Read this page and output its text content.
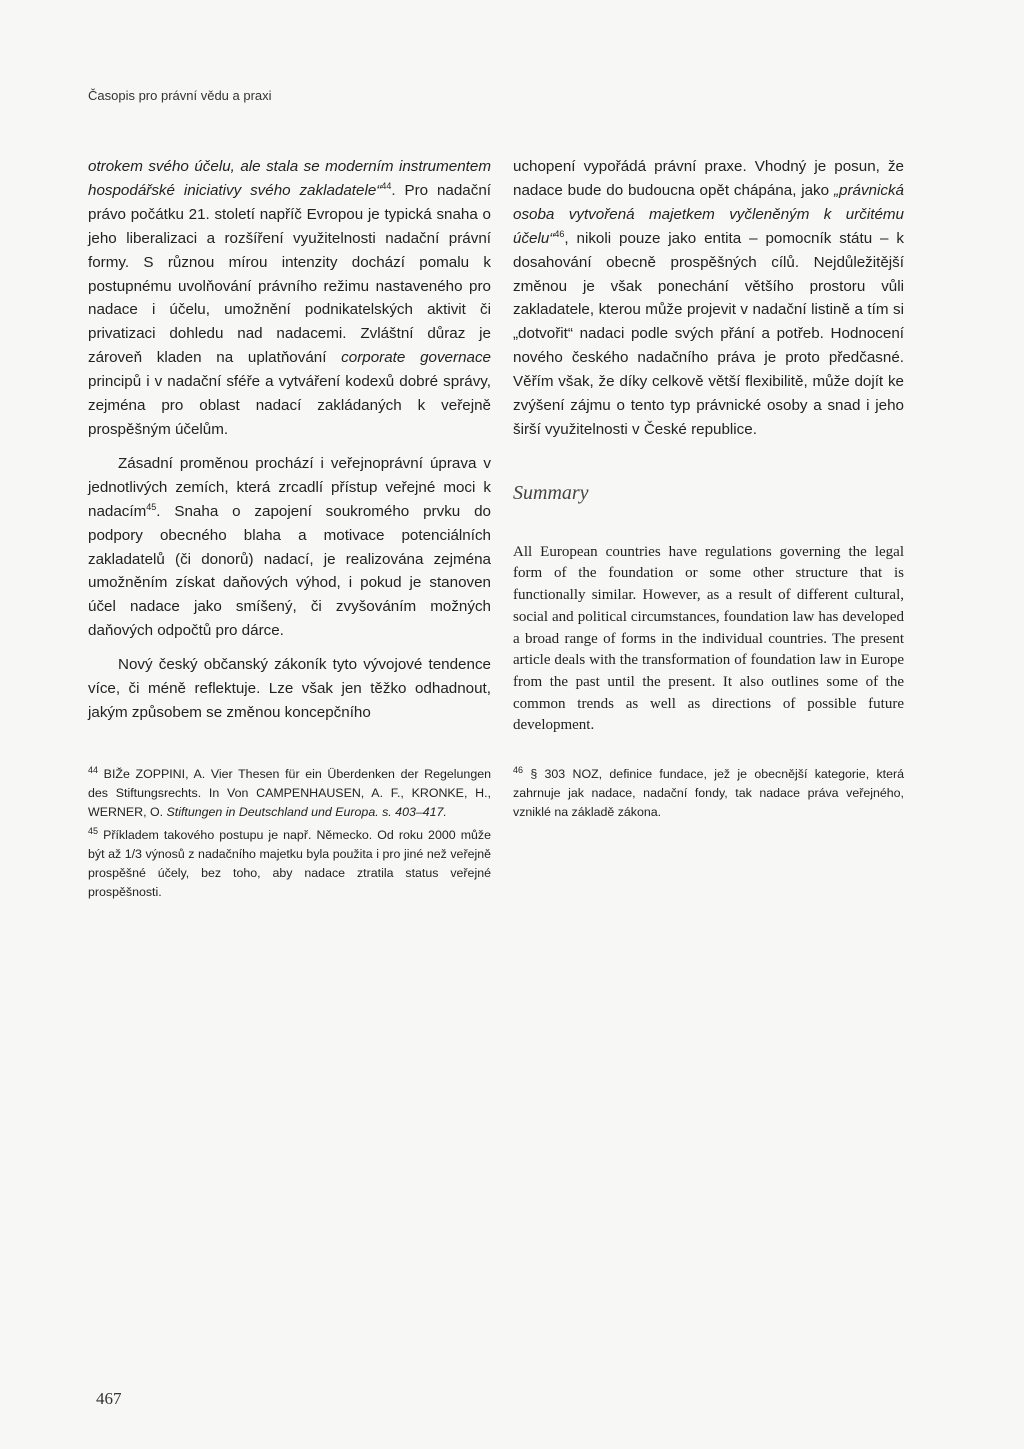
Časopis pro právní vědu a praxi

otrokem svého účelu, ale stala se moderním instrumentem hospodářské iniciativy svého zakladatele“$^{44}$. Pro nadační právo počátku 21. století napříč Evropou je typická snaha o jeho liberalizaci a rozšíření využitelnosti nadační právní formy. S různou mírou intenzity dochází pomalu k postupnému uvolňování právního režimu nastaveného pro nadace i účelu, umožnění podnikatelských aktivit či privatizaci dohledu nad nadacemi. Zvláštní důraz je zároveň kladen na uplatňování corporate governace principů i v nadační sféře a vytváření kodexů dobré správy, zejména pro oblast nadací zakládaných k veřejně prospěšným účelům.

Zásadní proměnou prochází i veřejnoprávní úprava v jednotlivých zemích, která zrcadlí přístup veřejné moci k nadacím$^{45}$. Snaha o zapojení soukromého prvku do podpory obecného blaha a motivace potenciálních zakladatelů (či donorů) nadací, je realizována zejména umožněním získat daňových výhod, i pokud je stanoven účel nadace jako smíšený, či zvyšováním možných daňových odpočtů pro dárce.

Nový český občanský zákoník tyto vývojové tendence více, či méně reflektuje. Lze však jen těžko odhadnout, jakým způsobem se změnou koncepčního

$^{44}$ BIŽe ZOPPINI, A. Vier Thesen für ein Überdenken der Regelungen des Stiftungsrechts. In Von CAMPENHAUSEN, A. F., KRONKE, H., WERNER, O. Stiftungen in Deutschland und Europa. s. 403–417.

$^{45}$ Příkladem takového postupu je např. Německo. Od roku 2000 může být až 1/3 výnosů z nadačního majetku byla použita i pro jiné než veřejně prospěšné účely, bez toho, aby nadace ztratila status veřejné prospěšnosti.

uchopení vypořádá právní praxe. Vhodný je posun, že nadace bude do budoucna opět chápána, jako „právnická osoba vytvořená majetkem vyčleněným k určitému účelu“$^{46}$, nikoli pouze jako entita – pomocník státu – k dosahování obecně prospěšných cílů. Nejdůležitější změnou je však ponechání většího prostoru vůli zakladatele, kterou může projevit v nadační listině a tím si „dotvořit“ nadaci podle svých přání a potřeb. Hodnocení nového českého nadačního práva je proto předčasné. Věřím však, že díky celkově větší flexibilitě, může dojít ke zvýšení zájmu o tento typ právnické osoby a snad i jeho širší využitelnosti v České republice.

Summary

All European countries have regulations governing the legal form of the foundation or some other structure that is functionally similar. However, as a result of different cultural, social and political circumstances, foundation law has developed a broad range of forms in the individual countries. The present article deals with the transformation of foundation law in Europe from the past until the present. It also outlines some of the common trends as well as directions of possible future development.

$^{46}$ § 303 NOZ, definice fundace, jež je obecnější kategorie, která zahrnuje jak nadace, nadační fondy, tak nadace práva veřejného, vzniklé na základě zákona.
467
